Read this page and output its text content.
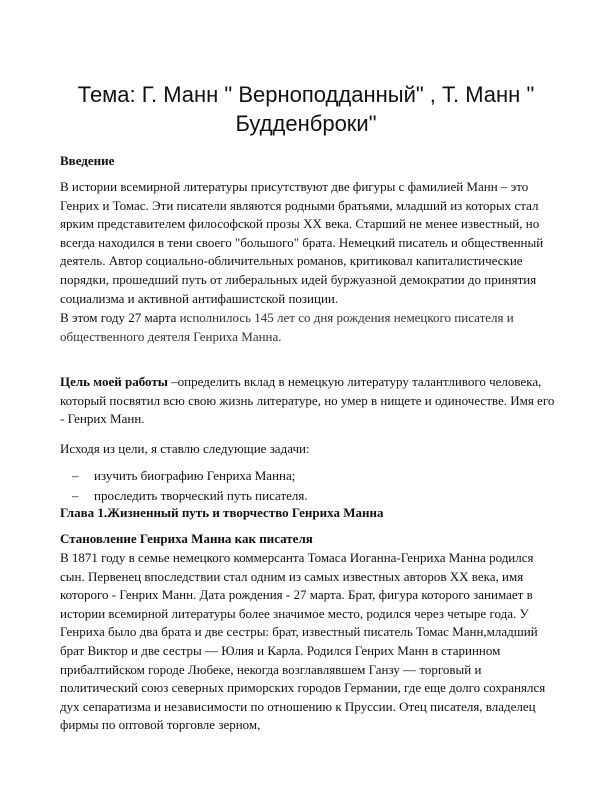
Тема: Г. Манн " Верноподданный" , Т. Манн " Будденброки"
Введение

В истории всемирной литературы присутствуют две фигуры с фамилией Манн – это Генрих и Томас. Эти писатели являются родными братьями, младший из которых стал ярким представителем философской прозы XX века. Старший не менее известный, но всегда находился в тени своего "большого" брата. Немецкий писатель и общественный деятель. Автор социально-обличительных романов, критиковал капиталистические порядки, прошедший путь от либеральных идей буржуазной демократии до принятия социализма и активной антифашистской позиции.

В этом году 27 марта исполнилось 145 лет со дня рождения немецкого писателя и общественного деятеля Генриха Манна.

Цель моей работы –определить вклад в немецкую литературу талантливого человека, который посвятил всю свою жизнь литературе, но умер в нищете и одиночестве. Имя его - Генрих Манн.

Исходя из цели, я ставлю следующие задачи:

– изучить биографию Генриха Манна;
– проследить творческий путь писателя.
Глава 1.Жизненный путь и творчество Генриха Манна
Становление Генриха Манна как писателя

В 1871 году в семье немецкого коммерсанта Томаса Иоганна-Генриха Манна родился сын. Первенец впоследствии стал одним из самых известных авторов XX века, имя которого - Генрих Манн. Дата рождения - 27 марта. Брат, фигура которого занимает в истории всемирной литературы более значимое место, родился через четыре года. У Генриха было два брата и две сестры: брат, известный писатель Томас Манн,младший брат Виктор и две сестры — Юлия и Карла. Родился Генрих Манн в старинном прибалтийском городе Любеке, некогда возглавлявшем Ганзу — торговый и политический союз северных приморских городов Германии, где еще долго сохранялся дух сепаратизма и независимости по отношению к Пруссии. Отец писателя, владелец фирмы по оптовой торговле зерном,
